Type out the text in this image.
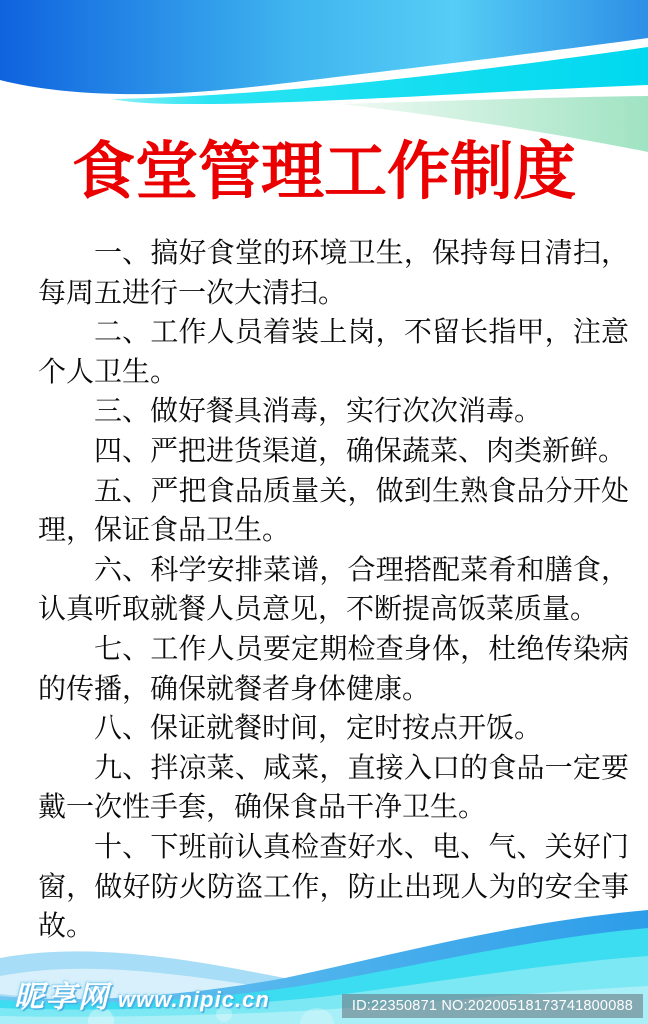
食堂管理工作制度

一、搞好食堂的环境卫生，保持每日清扫，每周五进行一次大清扫。

二、工作人员着装上岗，不留长指甲，注意个人卫生。

三、做好餐具消毒，实行次次消毒。

四、严把进货渠道，确保蔬菜、肉类新鲜。

五、严把食品质量关，做到生熟食品分开处理，保证食品卫生。

六、科学安排菜谱，合理搭配菜肴和膳食，认真听取就餐人员意见，不断提高饭菜质量。

七、工作人员要定期检查身体，杜绝传染病的传播，确保就餐者身体健康。

八、保证就餐时间，定时按点开饭。

九、拌凉菜、咸菜，直接入口的食品一定要戴一次性手套，确保食品干净卫生。

十、下班前认真检查好水、电、气、关好门窗，做好防火防盗工作，防止出现人为的安全事故。

昵享网 www.nipic.cn	ID:22350871 NO:20200518173741800088
